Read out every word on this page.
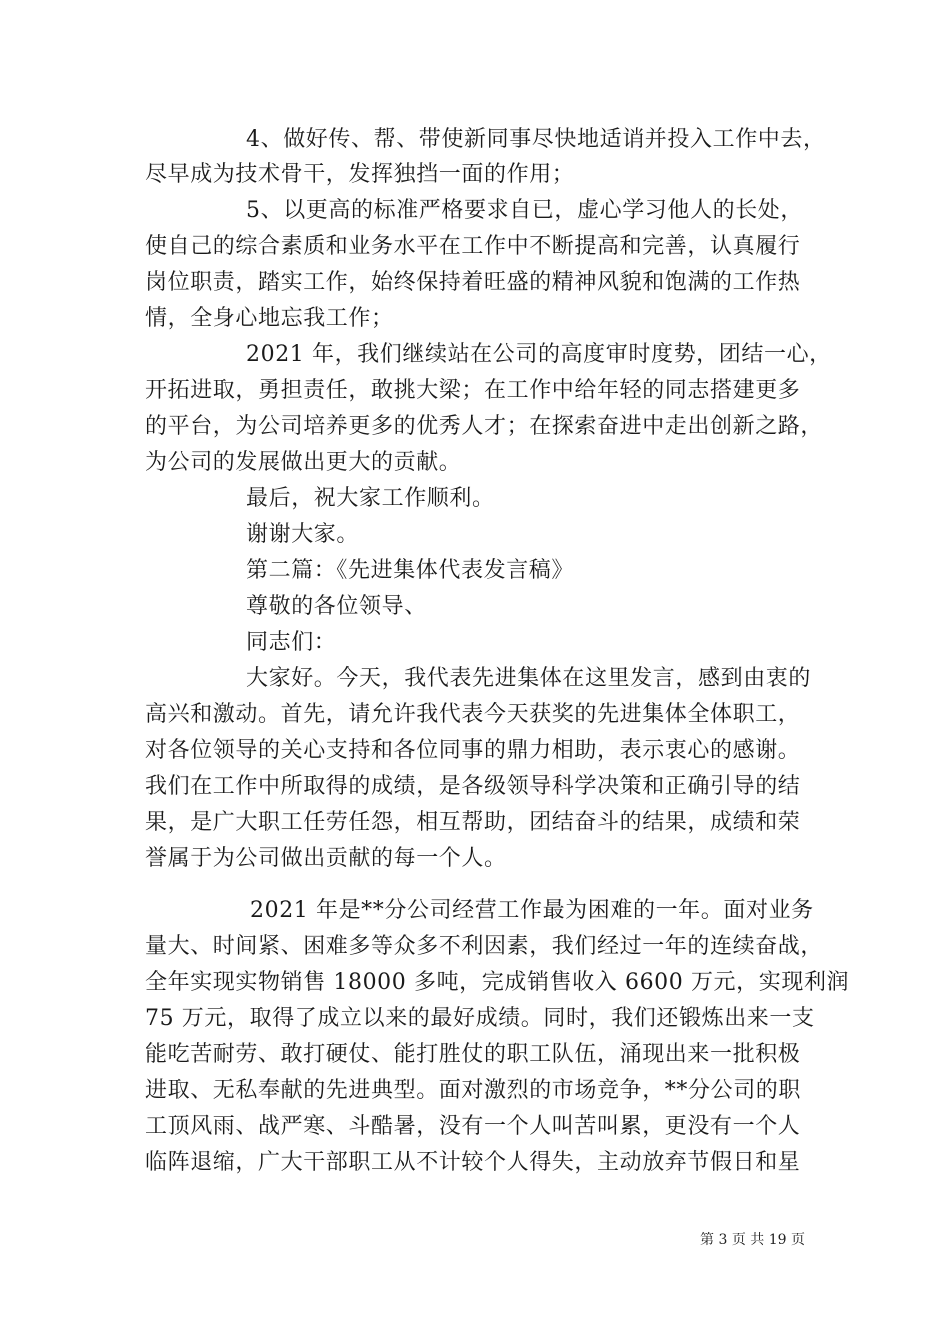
4、做好传、帮、带使新同事尽快地适诮并投入工作中去，
尽早成为技术骨干，发挥独挡一面的作用；
5、以更高的标准严格要求自已，虚心学习他人的长处，
使自己的综合素质和业务水平在工作中不断提高和完善，认真履行
岗位职责，踏实工作，始终保持着旺盛的精神风貌和饱满的工作热
情，全身心地忘我工作；
2021 年，我们继续站在公司的高度审时度势，团结一心，
开拓进取，勇担责任，敢挑大梁；在工作中给年轻的同志搭建更多
的平台，为公司培养更多的优秀人才；在探索奋进中走出创新之路，
为公司的发展做出更大的贡献。
最后，祝大家工作顺利。
谢谢大家。
第二篇：《先进集体代表发言稿》
尊敬的各位领导、
同志们：
大家好。今天，我代表先进集体在这里发言，感到由衷的
高兴和激动。首先，请允许我代表今天获奖的先进集体全体职工，
对各位领导的关心支持和各位同事的鼎力相助，表示衷心的感谢。
我们在工作中所取得的成绩，是各级领导科学决策和正确引导的结
果，是广大职工任劳任怨，相互帮助，团结奋斗的结果，成绩和荣
誉属于为公司做出贡献的每一个人。
2021 年是**分公司经营工作最为困难的一年。面对业务
量大、时间紧、困难多等众多不利因素，我们经过一年的连续奋战，
全年实现实物销售 18000 多吨，完成销售收入 6600 万元，实现利润
75 万元，取得了成立以来的最好成绩。同时，我们还锻炼出来一支
能吃苦耐劳、敢打硬仗、能打胜仗的职工队伍，涌现出来一批积极
进取、无私奉献的先进典型。面对激烈的市场竞争，**分公司的职
工顶风雨、战严寒、斗酷暑，没有一个人叫苦叫累，更没有一个人
临阵退缩，广大干部职工从不计较个人得失，主动放弃节假日和星
第 3 页 共 19 页
